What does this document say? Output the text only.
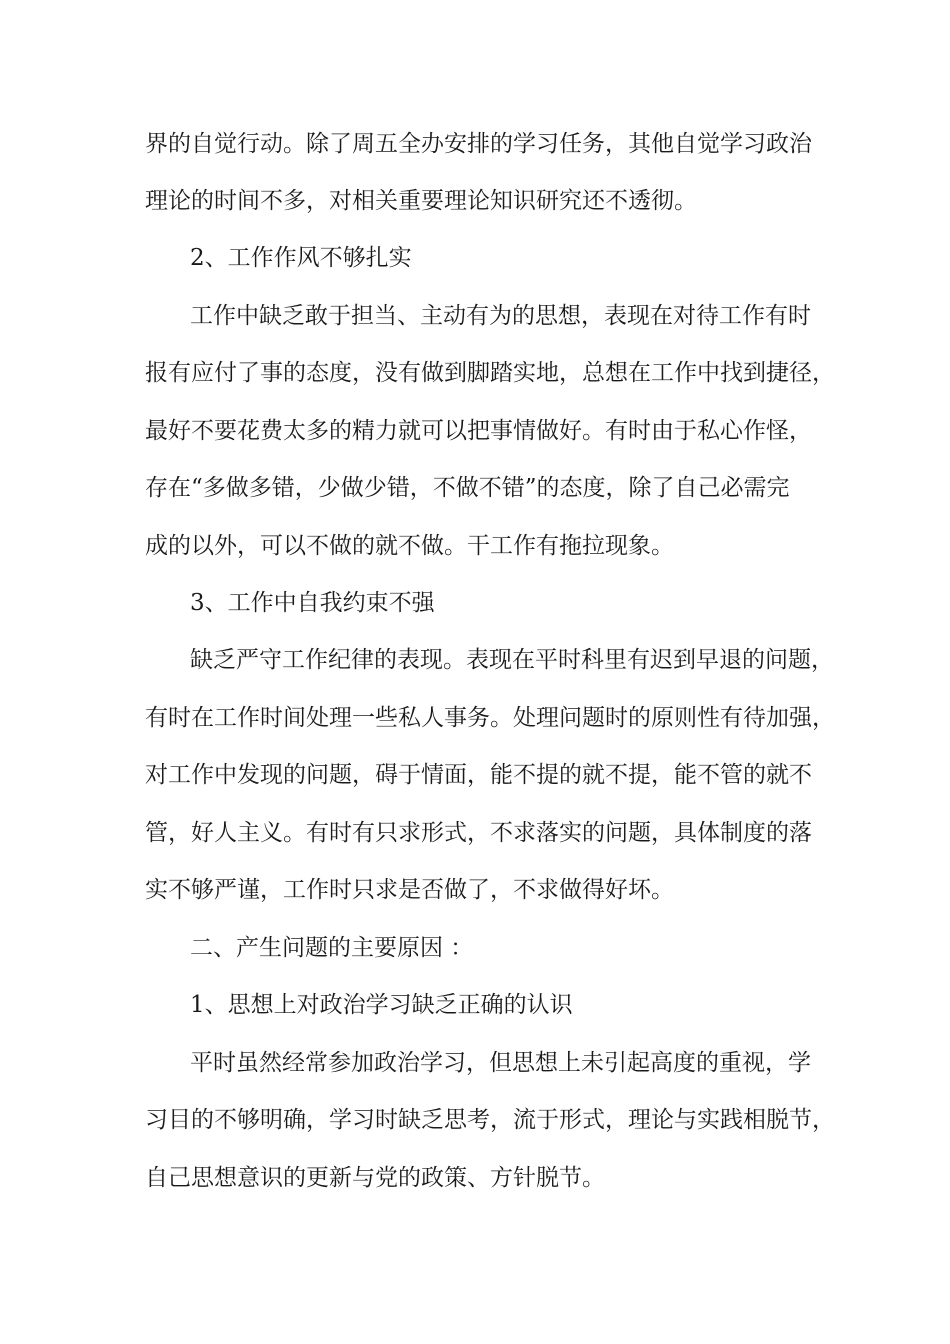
界的自觉行动。除了周五全办安排的学习任务，其他自觉学习政治
理论的时间不多，对相关重要理论知识研究还不透彻。
2、工作作风不够扎实
工作中缺乏敢于担当、主动有为的思想，表现在对待工作有时
报有应付了事的态度，没有做到脚踏实地，总想在工作中找到捷径，
最好不要花费太多的精力就可以把事情做好。有时由于私心作怪，
存在“多做多错，少做少错，不做不错”的态度，除了自己必需完
成的以外，可以不做的就不做。干工作有拖拉现象。
3、工作中自我约束不强
缺乏严守工作纪律的表现。表现在平时科里有迟到早退的问题，
有时在工作时间处理一些私人事务。处理问题时的原则性有待加强，
对工作中发现的问题，碍于情面，能不提的就不提，能不管的就不
管，好人主义。有时有只求形式，不求落实的问题，具体制度的落
实不够严谨，工作时只求是否做了，不求做得好坏。
二、产生问题的主要原因 ：
1、思想上对政治学习缺乏正确的认识
平时虽然经常参加政治学习，但思想上未引起高度的重视，学
习目的不够明确，学习时缺乏思考，流于形式，理论与实践相脱节，
自己思想意识的更新与党的政策、方针脱节。
